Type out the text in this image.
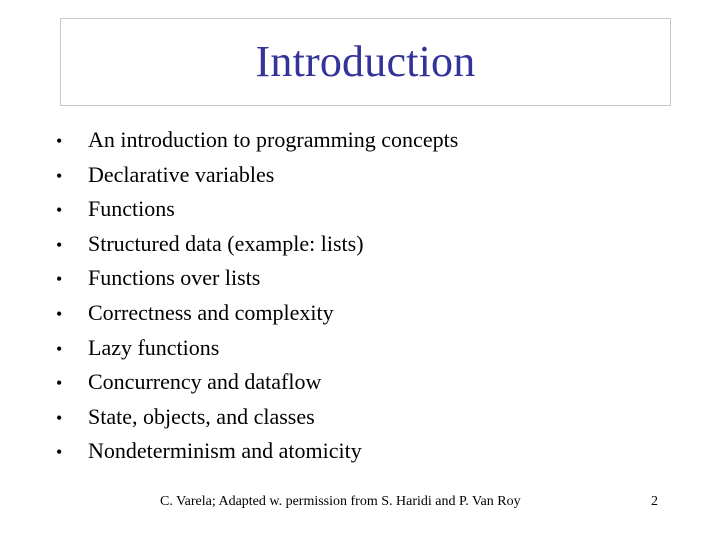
Introduction
•	An introduction to programming concepts
•	Declarative variables
•	Functions
•	Structured data (example: lists)
•	Functions over lists
•	Correctness and complexity
•	Lazy functions
•	Concurrency and dataflow
•	State, objects, and classes
•	Nondeterminism and atomicity
C. Varela; Adapted w. permission from S. Haridi and P. Van Roy	2
